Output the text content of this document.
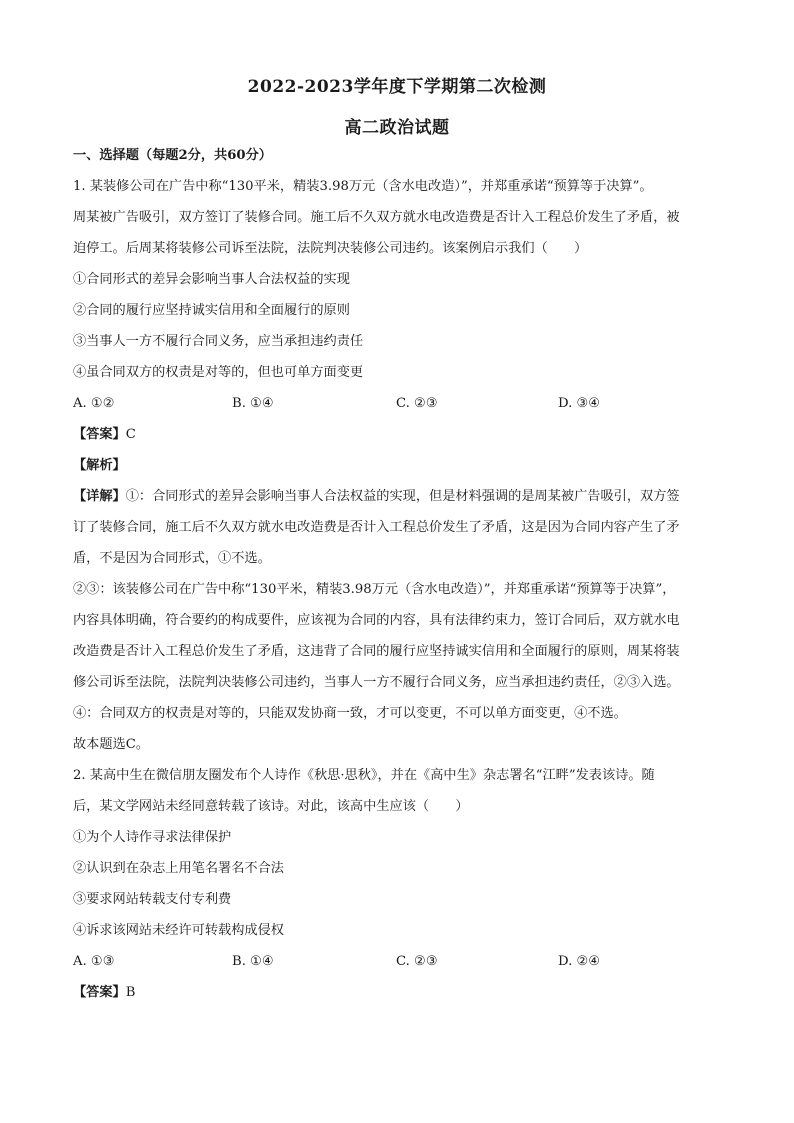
2022-2023学年度下学期第二次检测
高二政治试题
一、选择题（每题2分，共60分）
1. 某装修公司在广告中称“130平米，精装3.98万元（含水电改造）”，并郑重承诺“预算等于决算”。
周某被广告吸引，双方签订了装修合同。施工后不久双方就水电改造费是否计入工程总价发生了矛盾，被
迫停工。后周某将装修公司诉至法院，法院判决装修公司违约。该案例启示我们（　　）
①合同形式的差异会影响当事人合法权益的实现
②合同的履行应坚持诚实信用和全面履行的原则
③当事人一方不履行合同义务，应当承担违约责任
④虽合同双方的权责是对等的，但也可单方面变更
A. ①②	B. ①④	C. ②③	D. ③④
【答案】C
【解析】
【详解】①：合同形式的差异会影响当事人合法权益的实现，但是材料强调的是周某被广告吸引，双方签
订了装修合同，施工后不久双方就水电改造费是否计入工程总价发生了矛盾，这是因为合同内容产生了矛
盾，不是因为合同形式，①不选。
②③：该装修公司在广告中称“130平米，精装3.98万元（含水电改造）”，并郑重承诺“预算等于决算”，
内容具体明确，符合要约的构成要件，应该视为合同的内容，具有法律约束力，签订合同后，双方就水电
改造费是否计入工程总价发生了矛盾，这违背了合同的履行应坚持诚实信用和全面履行的原则，周某将装
修公司诉至法院，法院判决装修公司违约，当事人一方不履行合同义务，应当承担违约责任，②③入选。
④：合同双方的权责是对等的，只能双发协商一致，才可以变更，不可以单方面变更，④不选。
故本题选C。
2. 某高中生在微信朋友圈发布个人诗作《秋思·思秋》，并在《高中生》杂志署名“江畔”发表该诗。随
后，某文学网站未经同意转载了该诗。对此，该高中生应该（　　）
①为个人诗作寻求法律保护
②认识到在杂志上用笔名署名不合法
③要求网站转载支付专利费
④诉求该网站未经许可转载构成侵权
A. ①③	B. ①④	C. ②③	D. ②④
【答案】B
